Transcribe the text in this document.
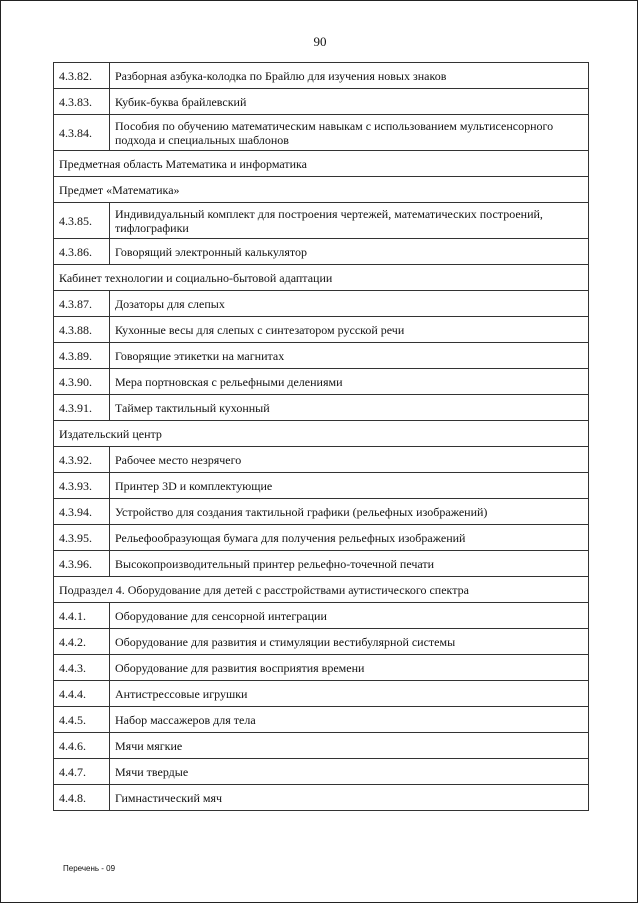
90
4.3.82.	Разборная азбука-колодка по Брайлю для изучения новых знаков
4.3.83.	Кубик-буква брайлевский
4.3.84.	Пособия по обучению математическим навыкам с использованием мультисенсорного подхода и специальных шаблонов
Предметная область Математика и информатика	
Предмет «Математика»	
4.3.85.	Индивидуальный комплект для построения чертежей, математических построений, тифлографики
4.3.86.	Говорящий электронный калькулятор
Кабинет технологии и социально-бытовой адаптации	
4.3.87.	Дозаторы для слепых
4.3.88.	Кухонные весы для слепых с синтезатором русской речи
4.3.89.	Говорящие этикетки на магнитах
4.3.90.	Мера портновская с рельефными делениями
4.3.91.	Таймер тактильный кухонный
Издательский центр	
4.3.92.	Рабочее место незрячего
4.3.93.	Принтер 3D и комплектующие
4.3.94.	Устройство для создания тактильной графики (рельефных изображений)
4.3.95.	Рельефообразующая бумага для получения рельефных изображений
4.3.96.	Высокопроизводительный принтер рельефно-точечной печати
Подраздел 4. Оборудование для детей с расстройствами аутистического спектра	
4.4.1.	Оборудование для сенсорной интеграции
4.4.2.	Оборудование для развития и стимуляции вестибулярной системы
4.4.3.	Оборудование для развития восприятия времени
4.4.4.	Антистрессовые игрушки
4.4.5.	Набор массажеров для тела
4.4.6.	Мячи мягкие
4.4.7.	Мячи твердые
4.4.8.	Гимнастический мяч
Перечень - 09
